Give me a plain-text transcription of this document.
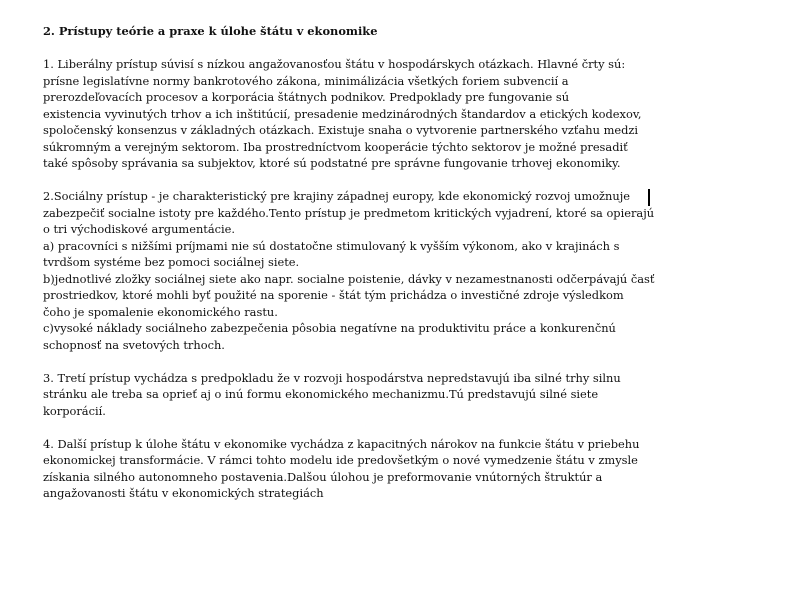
2. Prístupy teórie a praxe k úlohe štátu v ekonomike
1. Liberálny prístup súvisí s nízkou angažovanosťou štátu v hospodárskych otázkach. Hlavné črty sú:
prísne legislatívne normy bankrotového zákona, minimálizácia všetkých foriem subvencií a
prerozdeľovacích procesov a korporácia štátnych podnikov. Predpoklady pre fungovanie sú
existencia vyvinutých trhov a ich inštitúcií, presadenie medzinárodných štandardov a etických kodexov,
spoločenský konsenzus v základných otázkach. Existuje snaha o vytvorenie partnerského vzťahu medzi
súkromným a verejným sektorom. Iba prostredníctvom kooperácie týchto sektorov je možné presadiť
také spôsoby správania sa subjektov, ktoré sú podstatné pre správne fungovanie trhovej ekonomiky.
2.Sociálny prístup - je charakteristický pre krajiny západnej europy, kde ekonomický rozvoj umožnuje
zabezpečiť socialne istoty pre každého.Tento prístup je predmetom kritických vyjadrení, ktoré sa opierajú
o tri východiskové argumentácie.
a) pracovníci s nižšími príjmami nie sú dostatočne stimulovaný k vyšším výkonom, ako v krajinách s
tvrdšom systéme bez pomoci sociálnej siete.
b)jednotlivé zložky sociálnej siete ako napr. socialne poistenie, dávky v nezamestnanosti odčerpávajú časť
prostriedkov, ktoré mohli byť použité na sporenie - štát tým prichádza o investičné zdroje výsledkom
čoho je spomalenie ekonomického rastu.
c)vysoké náklady sociálneho zabezpečenia pôsobia negatívne na produktivitu práce a konkurenčnú
schopnosť na svetových trhoch.
3. Tretí prístup vychádza s predpokladu že v rozvoji hospodárstva nepredstavujú iba silné trhy silnu
stránku ale treba sa oprieť aj o inú formu ekonomického mechanizmu.Tú predstavujú silné siete
korporácií.
4. Další prístup k úlohe štátu v ekonomike vychádza z kapacitných nárokov na funkcie štátu v priebehu
ekonomickej transformácie. V rámci tohto modelu ide predovšetkým o nové vymedzenie štátu v zmysle
získania silného autonomneho postavenia.Dalšou úlohou je preformovanie vnútorných štruktúr a
angažovanosti štátu v ekonomických strategiách
